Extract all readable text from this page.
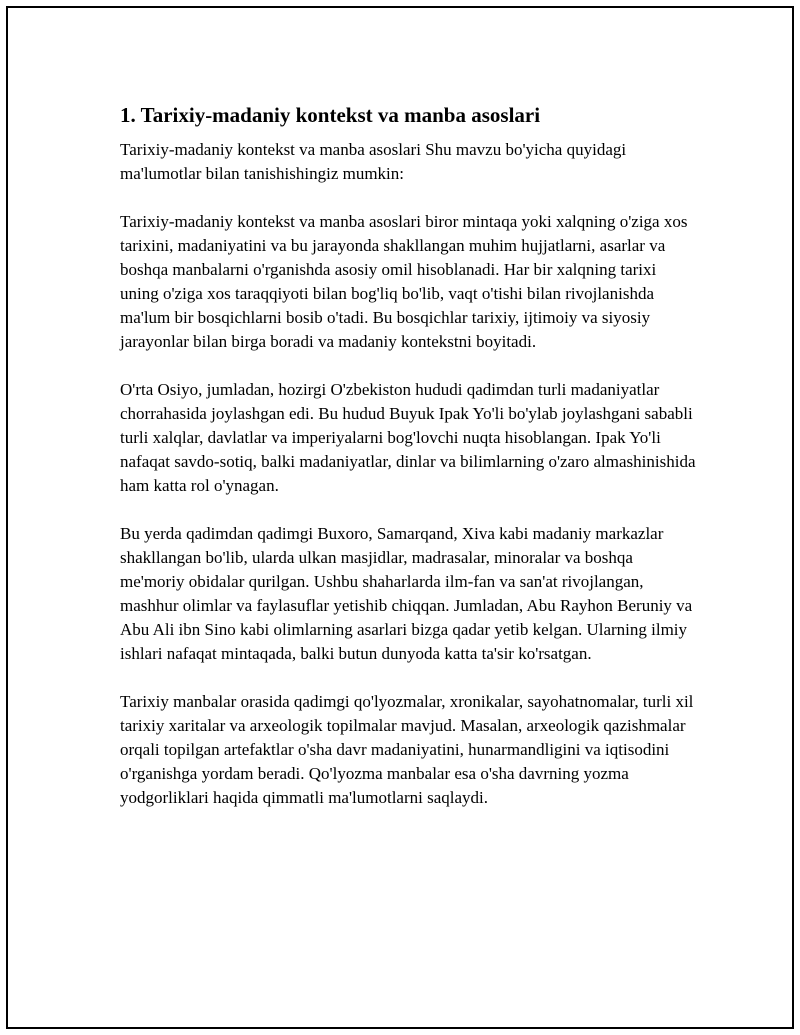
1. Tarixiy-madaniy kontekst va manba asoslari

Tarixiy-madaniy kontekst va manba asoslari Shu mavzu bo'yicha quyidagi ma'lumotlar bilan tanishishingiz mumkin:

Tarixiy-madaniy kontekst va manba asoslari biror mintaqa yoki xalqning o'ziga xos tarixini, madaniyatini va bu jarayonda shakllangan muhim hujjatlarni, asarlar va boshqa manbalarni o'rganishda asosiy omil hisoblanadi. Har bir xalqning tarixi uning o'ziga xos taraqqiyoti bilan bog'liq bo'lib, vaqt o'tishi bilan rivojlanishda ma'lum bir bosqichlarni bosib o'tadi. Bu bosqichlar tarixiy, ijtimoiy va siyosiy jarayonlar bilan birga boradi va madaniy kontekstni boyitadi.

O'rta Osiyo, jumladan, hozirgi O'zbekiston hududi qadimdan turli madaniyatlar chorrahasida joylashgan edi. Bu hudud Buyuk Ipak Yo'li bo'ylab joylashgani sababli turli xalqlar, davlatlar va imperiyalarni bog'lovchi nuqta hisoblangan. Ipak Yo'li nafaqat savdo-sotiq, balki madaniyatlar, dinlar va bilimlarning o'zaro almashinishida ham katta rol o'ynagan.

Bu yerda qadimdan qadimgi Buxoro, Samarqand, Xiva kabi madaniy markazlar shakllangan bo'lib, ularda ulkan masjidlar, madrasalar, minoralar va boshqa me'moriy obidalar qurilgan. Ushbu shaharlarda ilm-fan va san'at rivojlangan, mashhur olimlar va faylasuflar yetishib chiqqan. Jumladan, Abu Rayhon Beruniy va Abu Ali ibn Sino kabi olimlarning asarlari bizga qadar yetib kelgan. Ularning ilmiy ishlari nafaqat mintaqada, balki butun dunyoda katta ta'sir ko'rsatgan.

Tarixiy manbalar orasida qadimgi qo'lyozmalar, xronikalar, sayohatnomalar, turli xil tarixiy xaritalar va arxeologik topilmalar mavjud. Masalan, arxeologik qazishmalar orqali topilgan artefaktlar o'sha davr madaniyatini, hunarmandligini va iqtisodini o'rganishga yordam beradi. Qo'lyozma manbalar esa o'sha davrning yozma yodgorliklari haqida qimmatli ma'lumotlarni saqlaydi.
